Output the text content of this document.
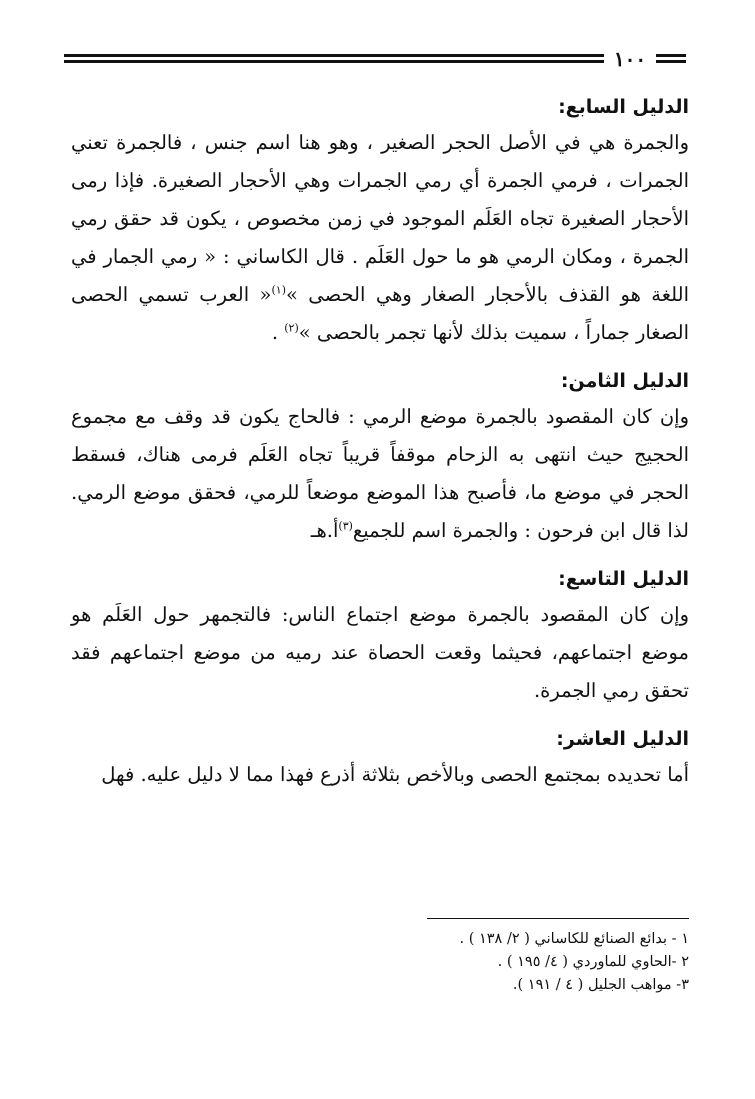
١٠٠
الدليل السابع:

والجمرة هي في الأصل الحجر الصغير ، وهو هنا اسم جنس ، فالجمرة تعني الجمرات ، فرمي الجمرة أي رمي الجمرات وهي الأحجار الصغيرة. فإذا رمى الأحجار الصغيرة تجاه العَلَم الموجود في زمن مخصوص ، يكون قد حقق رمي الجمرة ، ومكان الرمي هو ما حول العَلَم . قال الكاساني : « رمي الجمار في اللغة هو القذف بالأحجار الصغار وهي الحصى »$^{(١)}$« العرب تسمي الحصى الصغار جماراً ، سميت بذلك لأنها تجمر بالحصى »$^{(٢)}$ .

الدليل الثامن:

وإن كان المقصود بالجمرة موضع الرمي : فالحاج يكون قد وقف مع مجموع الحجيج حيث انتهى به الزحام موقفاً قريباً تجاه العَلَم فرمى هناك، فسقط الحجر في موضع ما، فأصبح هذا الموضع موضعاً للرمي، فحقق موضع الرمي. لذا قال ابن فرحون : والجمرة اسم للجميع$^{(٣)}$أ.هـ

الدليل التاسع:

وإن كان المقصود بالجمرة موضع اجتماع الناس: فالتجمهر حول العَلَم هو موضع اجتماعهم، فحيثما وقعت الحصاة عند رميه من موضع اجتماعهم فقد تحقق رمي الجمرة.

الدليل العاشر:

أما تحديده بمجتمع الحصى وبالأخص بثلاثة أذرع فهذا مما لا دليل عليه. فهل

١ - بدائع الصنائع للكاساني ( ٢/ ١٣٨ ) .
٢ -الحاوي للماوردي ( ٤/ ١٩٥ ) .
٣- مواهب الجليل ( ٤ / ١٩١ ).
